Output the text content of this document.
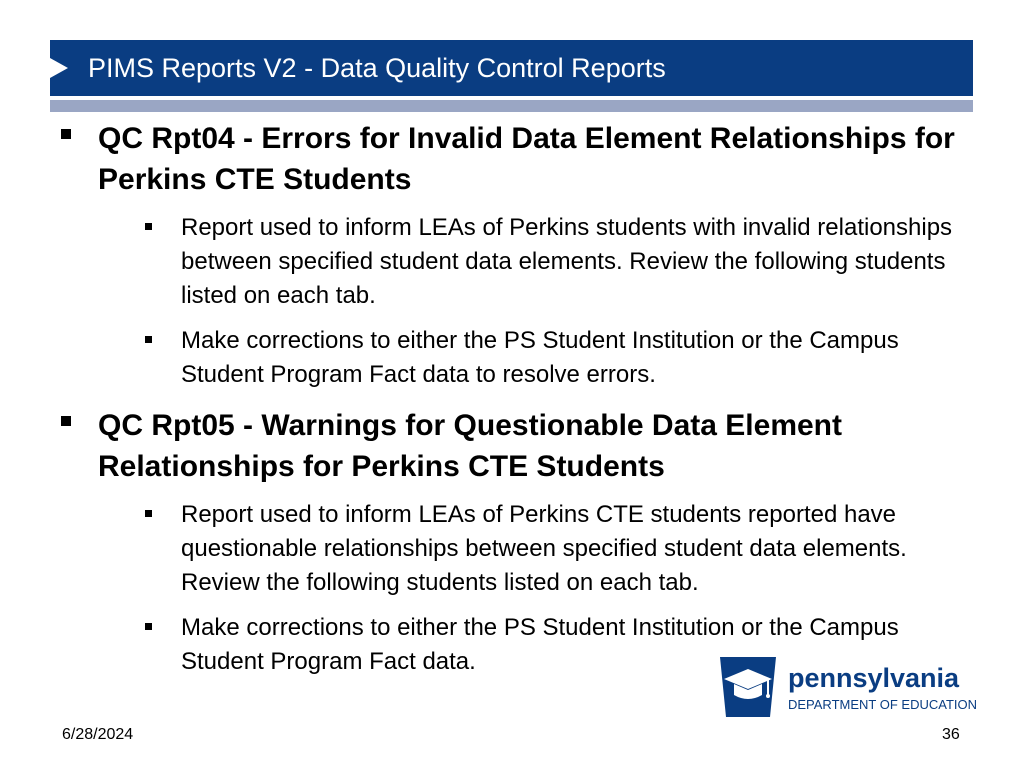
PIMS Reports V2 - Data Quality Control Reports
QC Rpt04 - Errors for Invalid Data Element Relationships for Perkins CTE Students
Report used to inform LEAs of Perkins students with invalid relationships between specified student data elements. Review the following students listed on each tab.
Make corrections to either the PS Student Institution or the Campus Student Program Fact data to resolve errors.
QC Rpt05 - Warnings for Questionable Data Element Relationships for Perkins CTE Students
Report used to inform LEAs of Perkins CTE students reported have questionable relationships between specified student data elements. Review the following students listed on each tab.
Make corrections to either the PS Student Institution or the Campus Student Program Fact data.
pennsylvania
DEPARTMENT OF EDUCATION
6/28/2024	36
